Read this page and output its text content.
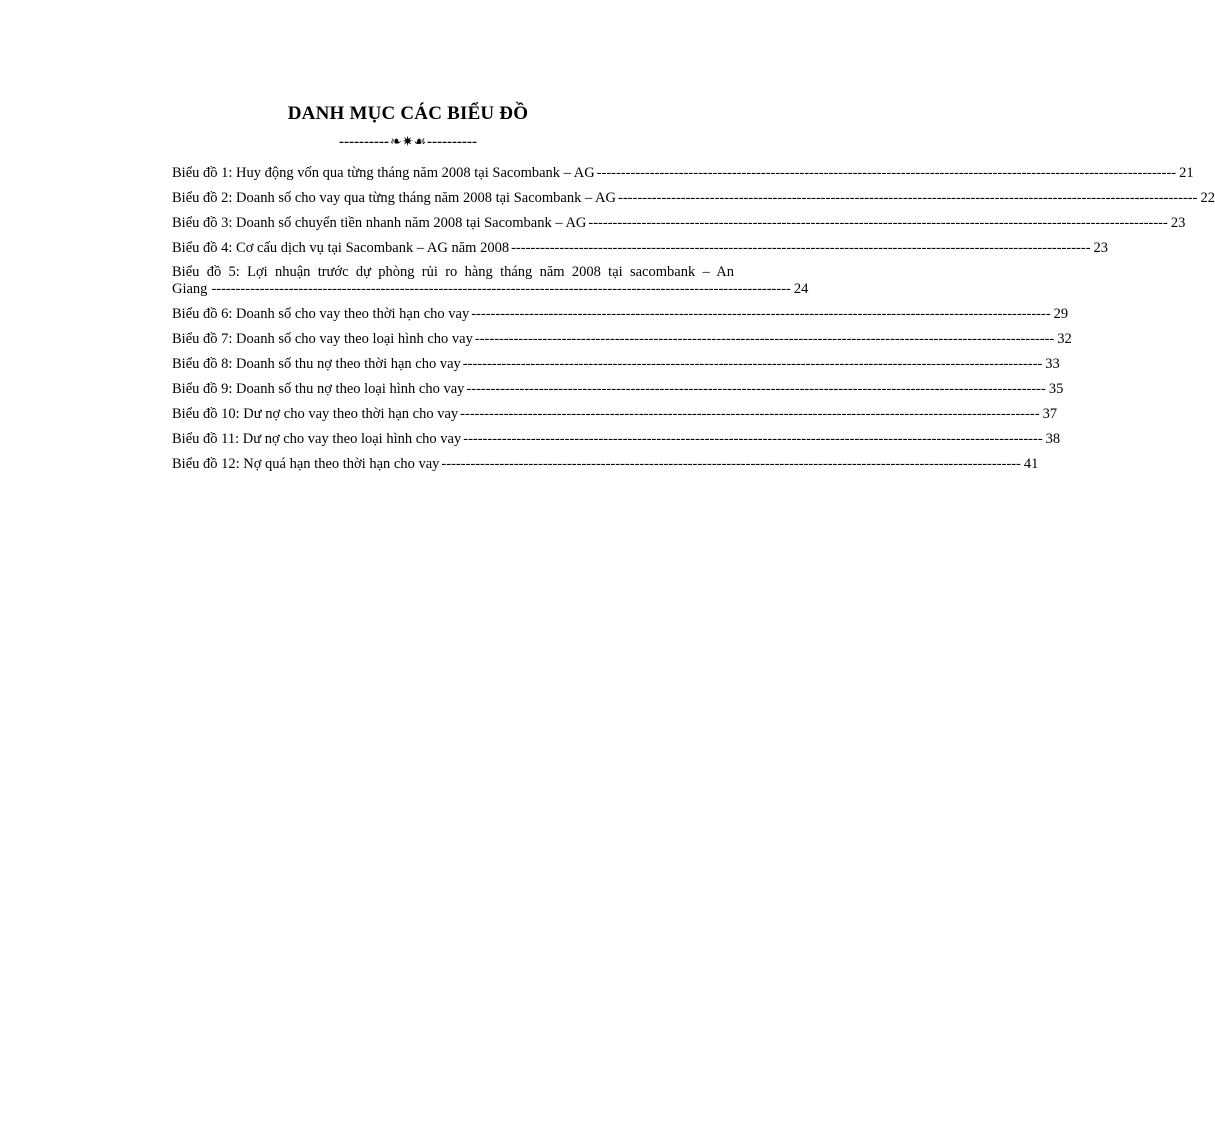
DANH MỤC CÁC BIỂU ĐỒ
----------❧✷☙----------
Biểu đồ 1: Huy động vốn qua từng tháng năm 2008 tại Sacombank – AG ------------------------------------------------------------------------------------------------------------------------ 21
Biểu đồ 2: Doanh số cho vay qua từng tháng năm 2008 tại Sacombank – AG ------------------------------------------------------------------------------------------------------------------------ 22
Biểu đồ 3: Doanh số chuyển tiền nhanh năm 2008 tại Sacombank – AG ------------------------------------------------------------------------------------------------------------------------ 23
Biểu đồ 4: Cơ cấu dịch vụ tại Sacombank – AG năm 2008 ------------------------------------------------------------------------------------------------------------------------ 23
Biểu đồ 5: Lợi nhuận trước dự phòng rủi ro hàng tháng năm 2008 tại sacombank – An
Giang ------------------------------------------------------------------------------------------------------------------------ 24
Biểu đồ 6: Doanh số cho vay theo thời hạn cho vay ------------------------------------------------------------------------------------------------------------------------ 29
Biểu đồ 7: Doanh số cho vay theo loại hình cho vay ------------------------------------------------------------------------------------------------------------------------ 32
Biểu đồ 8: Doanh số thu nợ theo thời hạn cho vay ------------------------------------------------------------------------------------------------------------------------ 33
Biểu đồ 9: Doanh số thu nợ theo loại hình cho vay ------------------------------------------------------------------------------------------------------------------------ 35
Biểu đồ 10: Dư nợ cho vay theo thời hạn cho vay ------------------------------------------------------------------------------------------------------------------------ 37
Biểu đồ 11: Dư nợ cho vay theo loại hình cho vay ------------------------------------------------------------------------------------------------------------------------ 38
Biểu đồ 12: Nợ quá hạn theo thời hạn cho vay ------------------------------------------------------------------------------------------------------------------------ 41
